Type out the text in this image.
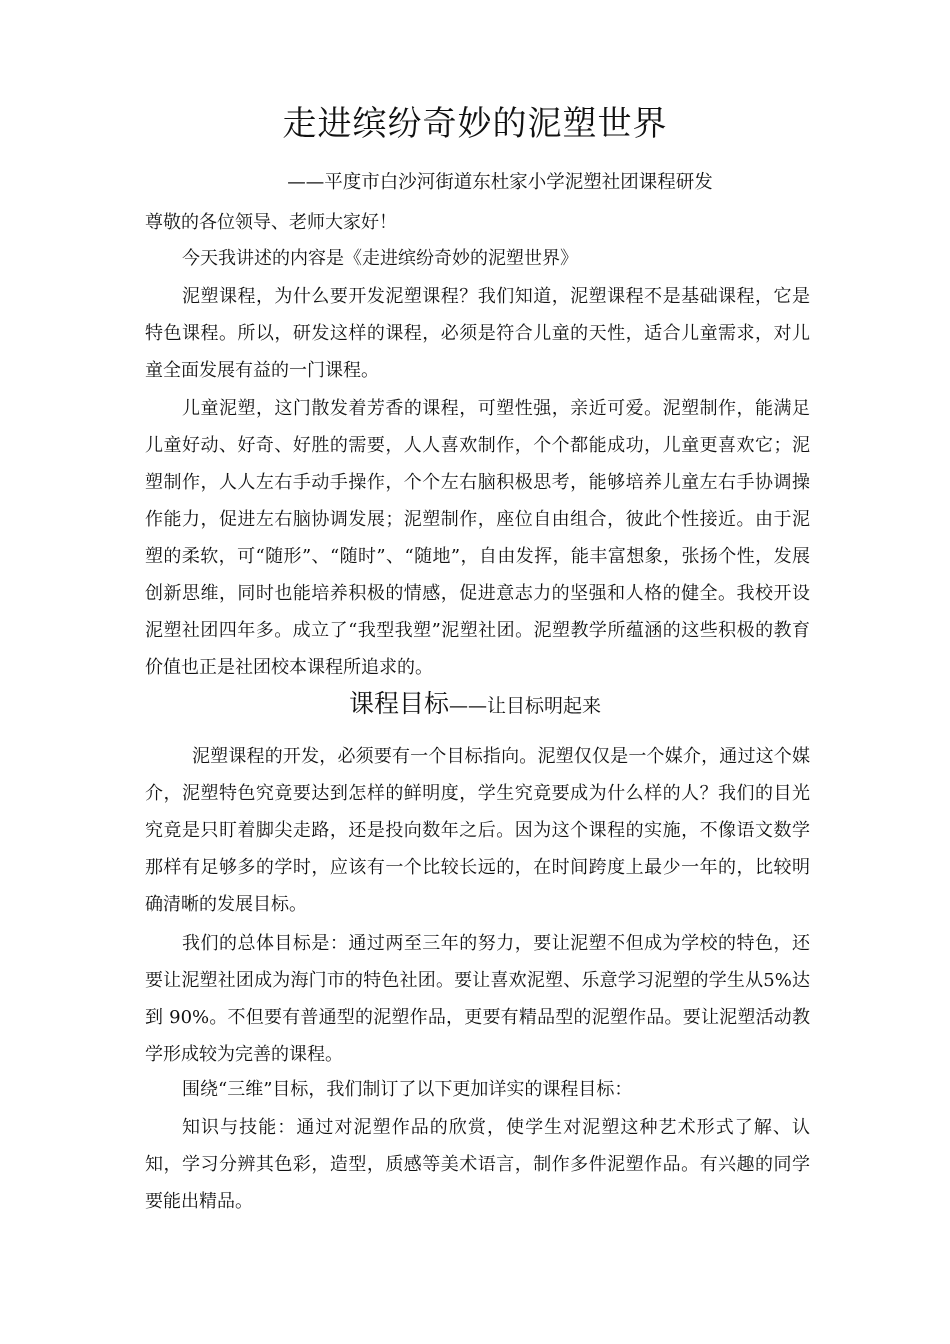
走进缤纷奇妙的泥塑世界

——平度市白沙河街道东杜家小学泥塑社团课程研发

尊敬的各位领导、老师大家好！

今天我讲述的内容是《走进缤纷奇妙的泥塑世界》

泥塑课程，为什么要开发泥塑课程？我们知道，泥塑课程不是基础课程，它是特色课程。所以，研发这样的课程，必须是符合儿童的天性，适合儿童需求，对儿童全面发展有益的一门课程。

儿童泥塑，这门散发着芳香的课程，可塑性强，亲近可爱。泥塑制作，能满足儿童好动、好奇、好胜的需要，人人喜欢制作，个个都能成功，儿童更喜欢它；泥塑制作，人人左右手动手操作，个个左右脑积极思考，能够培养儿童左右手协调操作能力，促进左右脑协调发展；泥塑制作，座位自由组合，彼此个性接近。由于泥塑的柔软，可“随形”、“随时”、“随地”，自由发挥，能丰富想象，张扬个性，发展创新思维，同时也能培养积极的情感，促进意志力的坚强和人格的健全。我校开设泥塑社团四年多。成立了“我型我塑”泥塑社团。泥塑教学所蕴涵的这些积极的教育价值也正是社团校本课程所追求的。

课程目标——让目标明起来

泥塑课程的开发，必须要有一个目标指向。泥塑仅仅是一个媒介，通过这个媒介，泥塑特色究竟要达到怎样的鲜明度，学生究竟要成为什么样的人？我们的目光究竟是只盯着脚尖走路，还是投向数年之后。因为这个课程的实施，不像语文数学那样有足够多的学时，应该有一个比较长远的，在时间跨度上最少一年的，比较明确清晰的发展目标。

我们的总体目标是：通过两至三年的努力，要让泥塑不但成为学校的特色，还要让泥塑社团成为海门市的特色社团。要让喜欢泥塑、乐意学习泥塑的学生从5%达到 90%。不但要有普通型的泥塑作品，更要有精品型的泥塑作品。要让泥塑活动教学形成较为完善的课程。

围绕“三维”目标，我们制订了以下更加详实的课程目标：

知识与技能：通过对泥塑作品的欣赏，使学生对泥塑这种艺术形式了解、认知，学习分辨其色彩，造型，质感等美术语言，制作多件泥塑作品。有兴趣的同学要能出精品。
